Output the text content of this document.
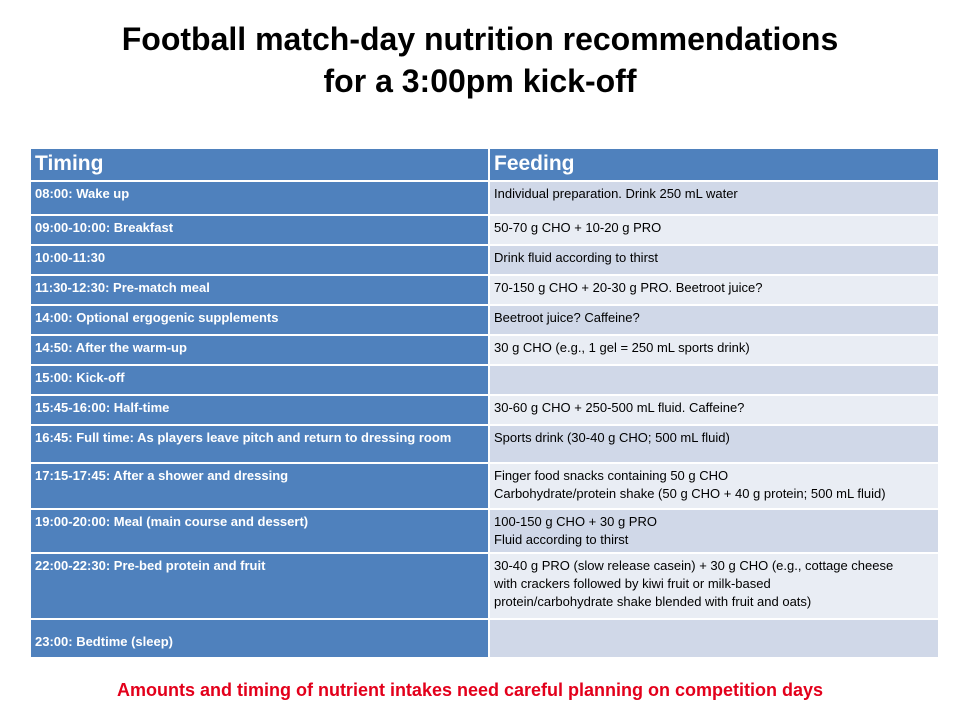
Football match-day nutrition recommendations
for a 3:00pm kick-off
Timing	Feeding
08:00: Wake up	Individual preparation. Drink 250 mL water

09:00-10:00: Breakfast	50-70 g CHO + 10-20 g PRO

10:00-11:30	Drink fluid according to thirst

11:30-12:30: Pre-match meal	70-150 g CHO + 20-30 g PRO. Beetroot juice?

14:00: Optional ergogenic supplements	Beetroot juice? Caffeine?

14:50: After the warm-up	30 g CHO (e.g., 1 gel = 250 mL sports drink)

15:00: Kick-off	
15:45-16:00: Half-time	30-60 g CHO + 250-500 mL fluid. Caffeine?

16:45: Full time: As players leave pitch and return to dressing room	Sports drink (30-40 g CHO; 500 mL fluid)

17:15-17:45: After a shower and dressing	Finger food snacks containing 50 g CHO
Carbohydrate/protein shake (50 g CHO + 40 g protein; 500 mL fluid)

19:00-20:00: Meal (main course and dessert)	100-150 g CHO + 30 g PRO
Fluid according to thirst

22:00-22:30: Pre-bed protein and fruit	30-40 g PRO (slow release casein) + 30 g CHO (e.g., cottage cheese
with crackers followed by kiwi fruit or milk-based
protein/carbohydrate shake blended with fruit and oats)

23:00: Bedtime (sleep)	
Amounts and timing of nutrient intakes need careful planning on competition days
